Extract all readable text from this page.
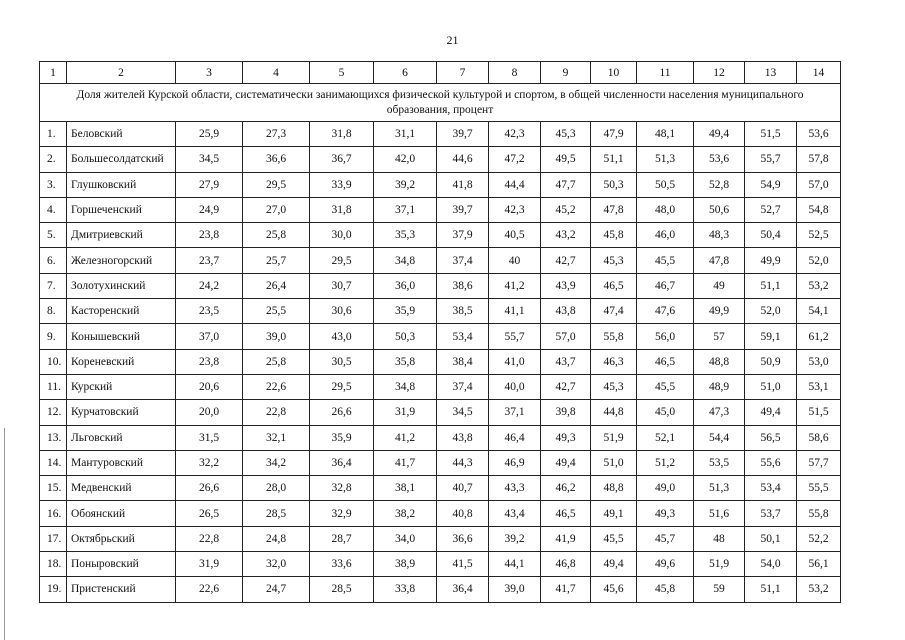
21
1	2	3	4	5	6	7	8	9	10	11	12	13	14
Доля жителей Курской области, систематически занимающихся физической культурой и спортом, в общей численности населения муниципального образования, процент													
1.	Беловский	25,9	27,3	31,8	31,1	39,7	42,3	45,3	47,9	48,1	49,4	51,5	53,6
2.	Большесолдатский	34,5	36,6	36,7	42,0	44,6	47,2	49,5	51,1	51,3	53,6	55,7	57,8
3.	Глушковский	27,9	29,5	33,9	39,2	41,8	44,4	47,7	50,3	50,5	52,8	54,9	57,0
4.	Горшеченский	24,9	27,0	31,8	37,1	39,7	42,3	45,2	47,8	48,0	50,6	52,7	54,8
5.	Дмитриевский	23,8	25,8	30,0	35,3	37,9	40,5	43,2	45,8	46,0	48,3	50,4	52,5
6.	Железногорский	23,7	25,7	29,5	34,8	37,4	40	42,7	45,3	45,5	47,8	49,9	52,0
7.	Золотухинский	24,2	26,4	30,7	36,0	38,6	41,2	43,9	46,5	46,7	49	51,1	53,2
8.	Касторенский	23,5	25,5	30,6	35,9	38,5	41,1	43,8	47,4	47,6	49,9	52,0	54,1
9.	Конышевский	37,0	39,0	43,0	50,3	53,4	55,7	57,0	55,8	56,0	57	59,1	61,2
10.	Кореневский	23,8	25,8	30,5	35,8	38,4	41,0	43,7	46,3	46,5	48,8	50,9	53,0
11.	Курский	20,6	22,6	29,5	34,8	37,4	40,0	42,7	45,3	45,5	48,9	51,0	53,1
12.	Курчатовский	20,0	22,8	26,6	31,9	34,5	37,1	39,8	44,8	45,0	47,3	49,4	51,5
13.	Льговский	31,5	32,1	35,9	41,2	43,8	46,4	49,3	51,9	52,1	54,4	56,5	58,6
14.	Мантуровский	32,2	34,2	36,4	41,7	44,3	46,9	49,4	51,0	51,2	53,5	55,6	57,7
15.	Медвенский	26,6	28,0	32,8	38,1	40,7	43,3	46,2	48,8	49,0	51,3	53,4	55,5
16.	Обоянский	26,5	28,5	32,9	38,2	40,8	43,4	46,5	49,1	49,3	51,6	53,7	55,8
17.	Октябрьский	22,8	24,8	28,7	34,0	36,6	39,2	41,9	45,5	45,7	48	50,1	52,2
18.	Поныровский	31,9	32,0	33,6	38,9	41,5	44,1	46,8	49,4	49,6	51,9	54,0	56,1
19.	Пристенский	22,6	24,7	28,5	33,8	36,4	39,0	41,7	45,6	45,8	59	51,1	53,2
